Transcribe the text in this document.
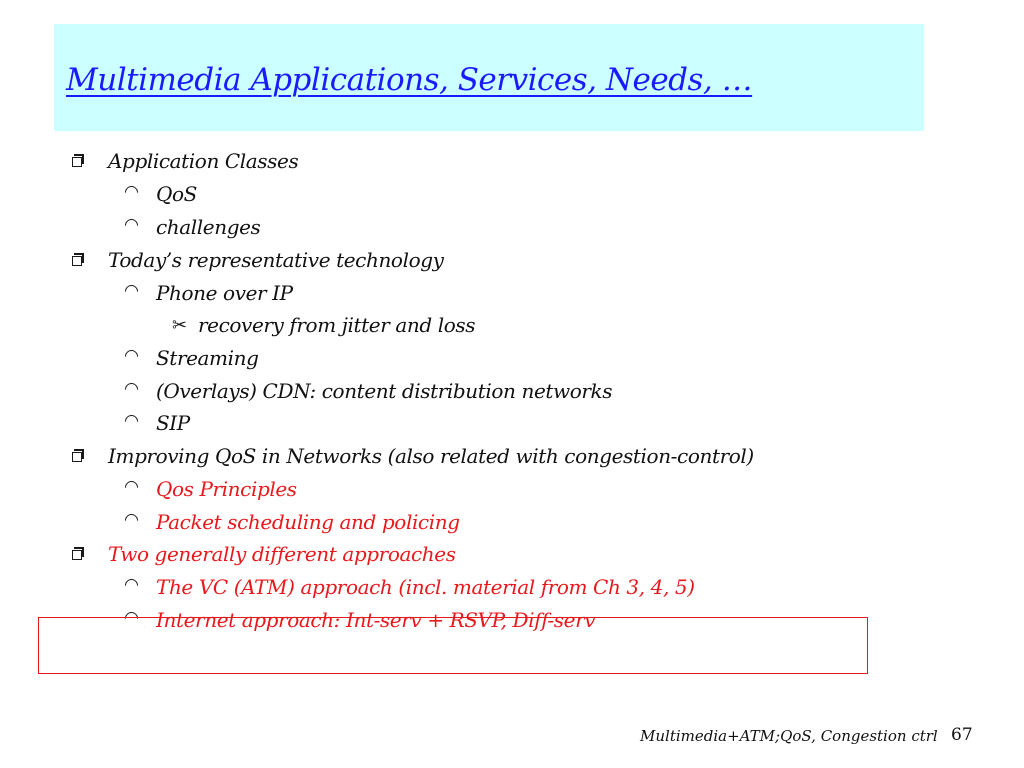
Multimedia Applications, Services, Needs, …
Application Classes
QoS
challenges
Today’s representative technology
Phone over IP
✂ recovery from jitter and loss
Streaming
(Overlays) CDN: content distribution networks
SIP
Improving QoS in Networks (also related with congestion-control)
Qos Principles
Packet scheduling and policing
Two generally different approaches
The VC (ATM) approach (incl. material from Ch 3, 4, 5)
Internet approach: Int-serv + RSVP, Diff-serv
Multimedia+ATM;QoS, Congestion ctrl 67
